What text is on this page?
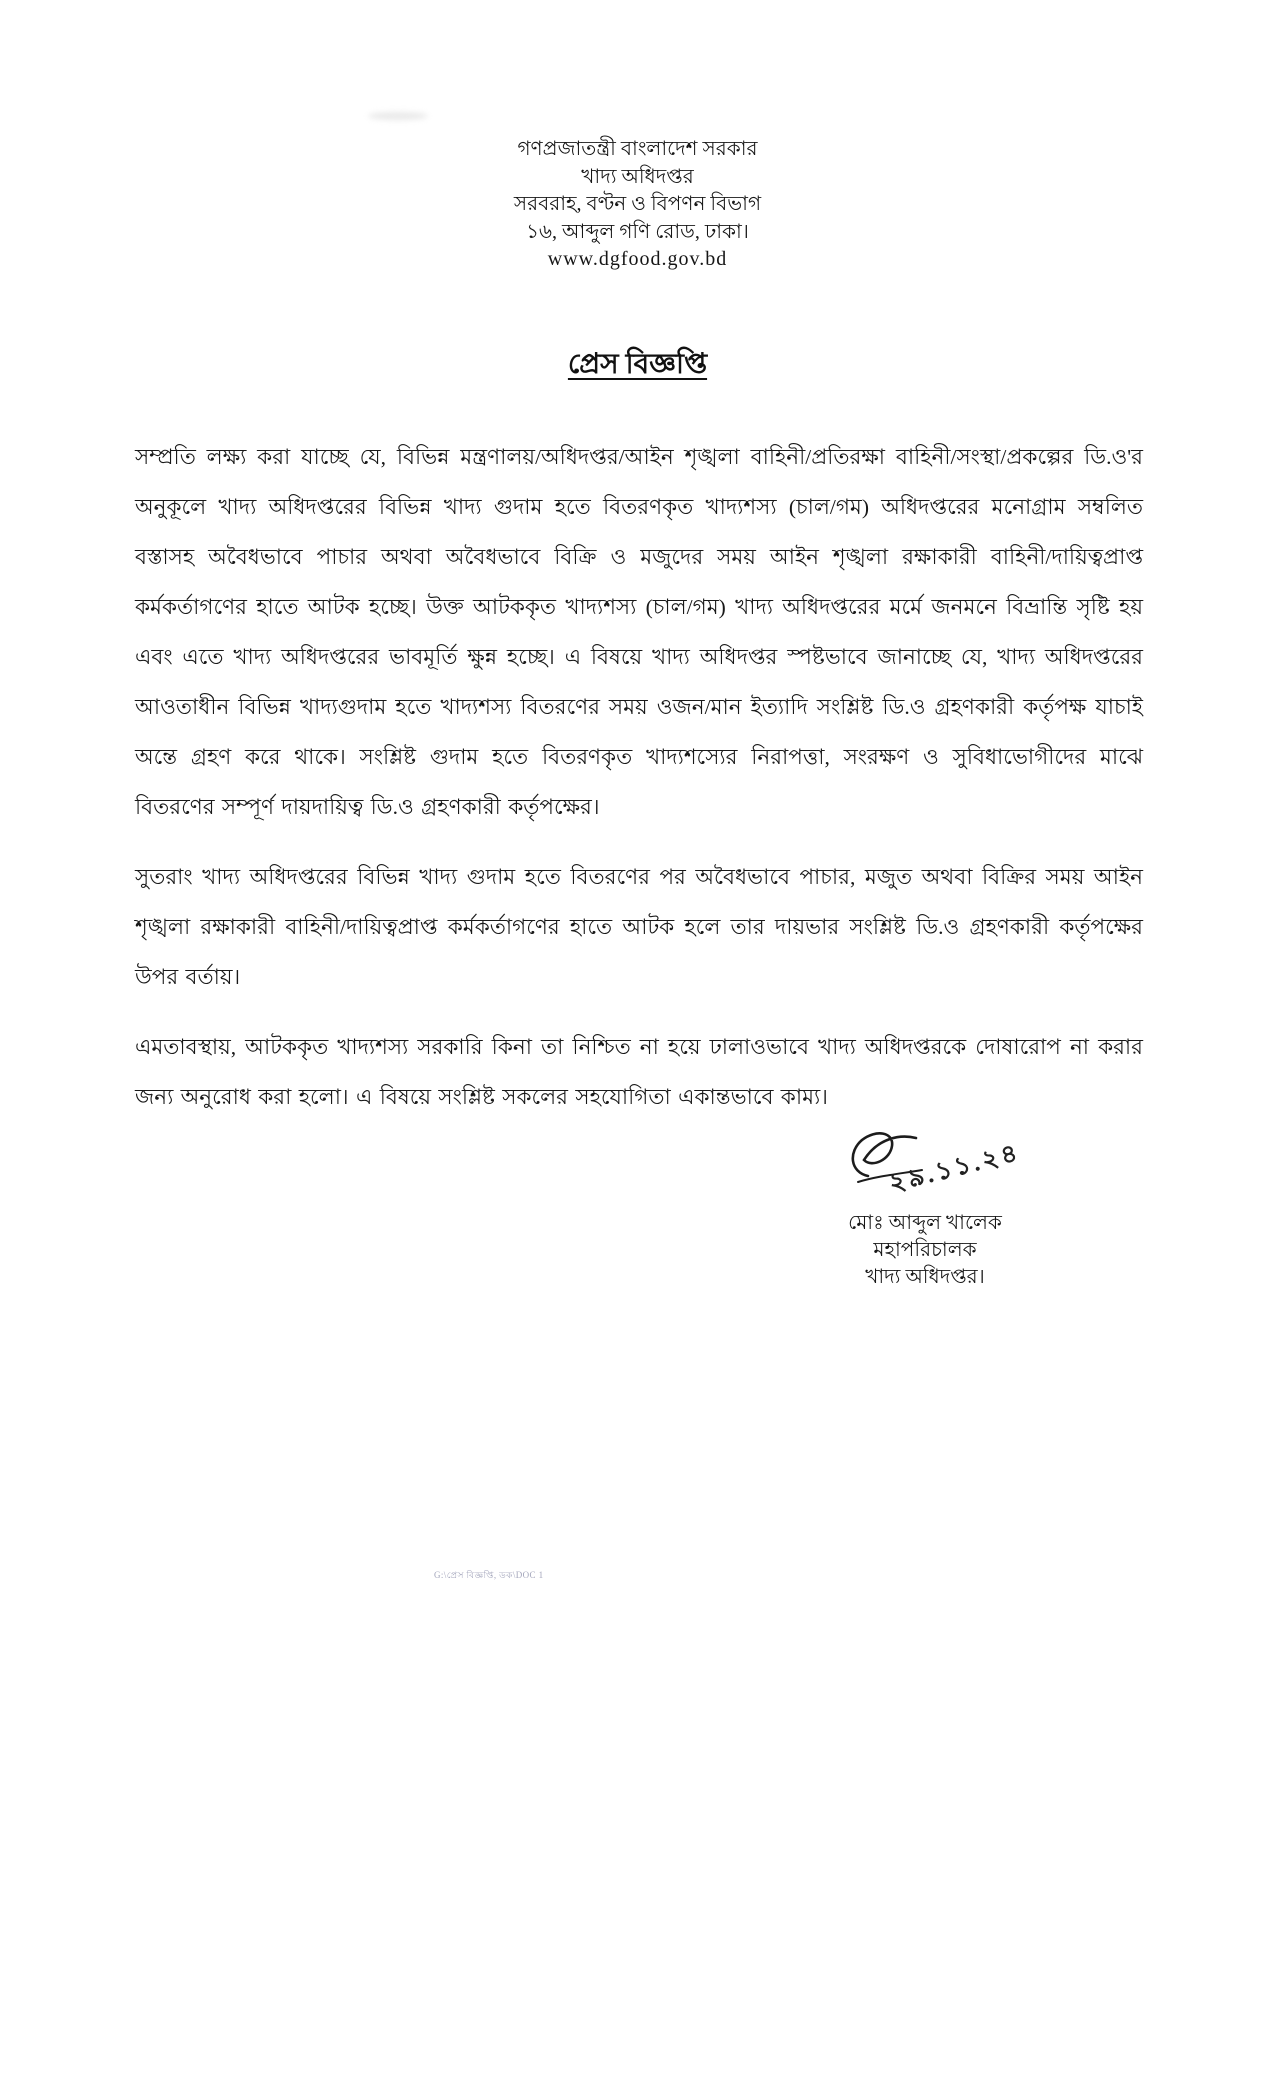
গণপ্রজাতন্ত্রী বাংলাদেশ সরকার
খাদ্য অধিদপ্তর
সরবরাহ, বণ্টন ও বিপণন বিভাগ
১৬, আব্দুল গণি রোড, ঢাকা।
www.dgfood.gov.bd
প্রেস বিজ্ঞপ্তি

সম্প্রতি লক্ষ্য করা যাচ্ছে যে, বিভিন্ন মন্ত্রণালয়/অধিদপ্তর/আইন শৃঙ্খলা বাহিনী/প্রতিরক্ষা বাহিনী/সংস্থা/প্রকল্পের ডি.ও'র অনুকূলে খাদ্য অধিদপ্তরের বিভিন্ন খাদ্য গুদাম হতে বিতরণকৃত খাদ্যশস্য (চাল/গম) অধিদপ্তরের মনোগ্রাম সম্বলিত বস্তাসহ অবৈধভাবে পাচার অথবা অবৈধভাবে বিক্রি ও মজুদের সময় আইন শৃঙ্খলা রক্ষাকারী বাহিনী/দায়িত্বপ্রাপ্ত কর্মকর্তাগণের হাতে আটক হচ্ছে। উক্ত আটককৃত খাদ্যশস্য (চাল/গম) খাদ্য অধিদপ্তরের মর্মে জনমনে বিভ্রান্তি সৃষ্টি হয় এবং এতে খাদ্য অধিদপ্তরের ভাবমূর্তি ক্ষুন্ন হচ্ছে। এ বিষয়ে খাদ্য অধিদপ্তর স্পষ্টভাবে জানাচ্ছে যে, খাদ্য অধিদপ্তরের আওতাধীন বিভিন্ন খাদ্যগুদাম হতে খাদ্যশস্য বিতরণের সময় ওজন/মান ইত্যাদি সংশ্লিষ্ট ডি.ও গ্রহণকারী কর্তৃপক্ষ যাচাই অন্তে গ্রহণ করে থাকে। সংশ্লিষ্ট গুদাম হতে বিতরণকৃত খাদ্যশস্যের নিরাপত্তা, সংরক্ষণ ও সুবিধাভোগীদের মাঝে বিতরণের সম্পূর্ণ দায়দায়িত্ব ডি.ও গ্রহণকারী কর্তৃপক্ষের।

সুতরাং খাদ্য অধিদপ্তরের বিভিন্ন খাদ্য গুদাম হতে বিতরণের পর অবৈধভাবে পাচার, মজুত অথবা বিক্রির সময় আইন শৃঙ্খলা রক্ষাকারী বাহিনী/দায়িত্বপ্রাপ্ত কর্মকর্তাগণের হাতে আটক হলে তার দায়ভার সংশ্লিষ্ট ডি.ও গ্রহণকারী কর্তৃপক্ষের উপর বর্তায়।

এমতাবস্থায়, আটককৃত খাদ্যশস্য সরকারি কিনা তা নিশ্চিত না হয়ে ঢালাওভাবে খাদ্য অধিদপ্তরকে দোষারোপ না করার জন্য অনুরোধ করা হলো। এ বিষয়ে সংশ্লিষ্ট সকলের সহযোগিতা একান্তভাবে কাম্য।

২৯.১১.২৪
মোঃ আব্দুল খালেক
মহাপরিচালক
খাদ্য অধিদপ্তর।
G:\প্রেস বিজ্ঞপ্তি, ডক\DOC 1
